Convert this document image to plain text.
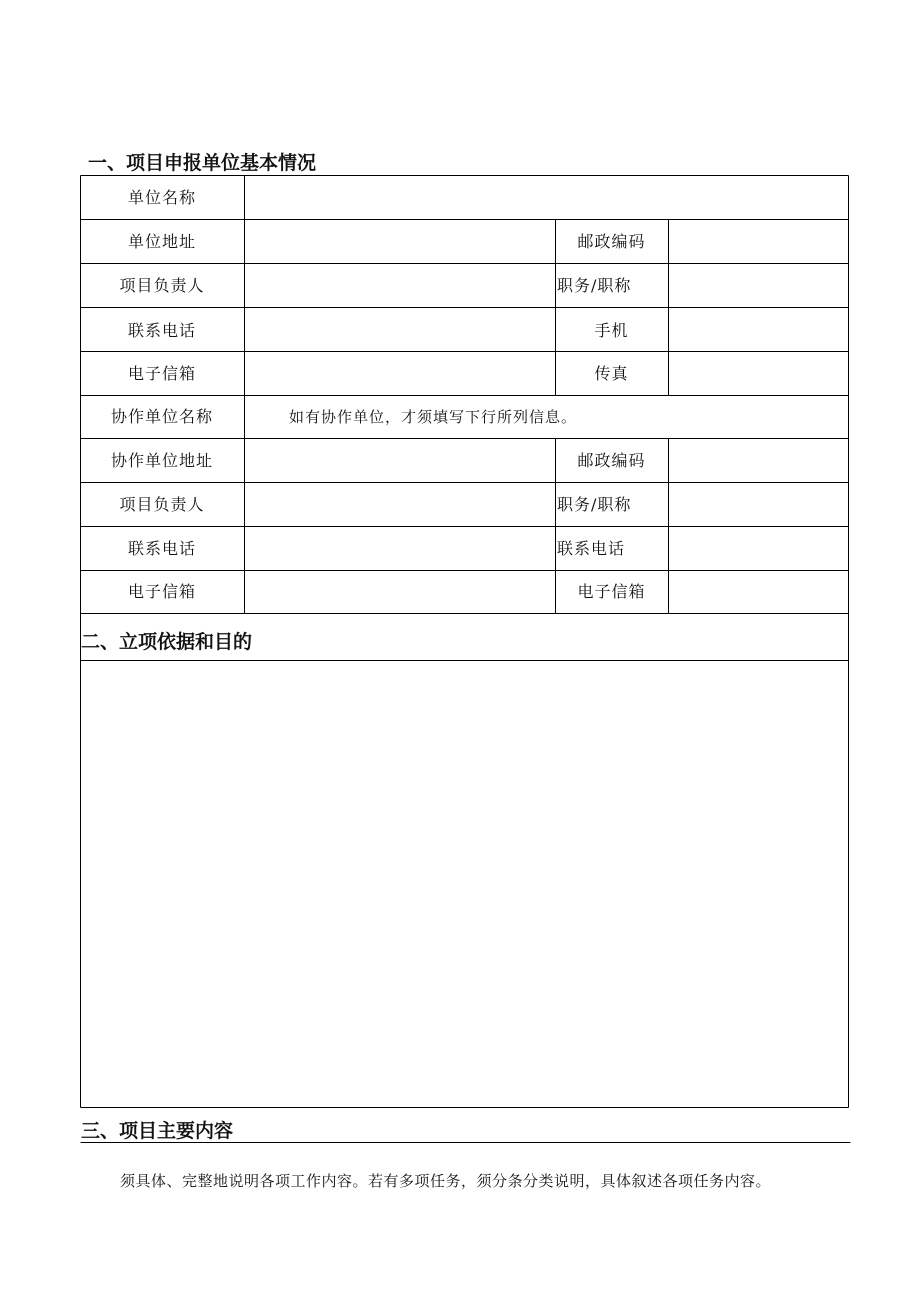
一、项目申报单位基本情况
二、立项依据和目的
三、项目主要内容
单位名称
单位地址	邮政编码
项目负责人	职务/职称
联系电话	手机
电子信箱	传真
协作单位名称	如有协作单位，才须填写下行所列信息。
协作单位地址	邮政编码
项目负责人	职务/职称
联系电话	联系电话
电子信箱	电子信箱
须具体、完整地说明各项工作内容。若有多项任务，须分条分类说明，具体叙述各项任务内容。
